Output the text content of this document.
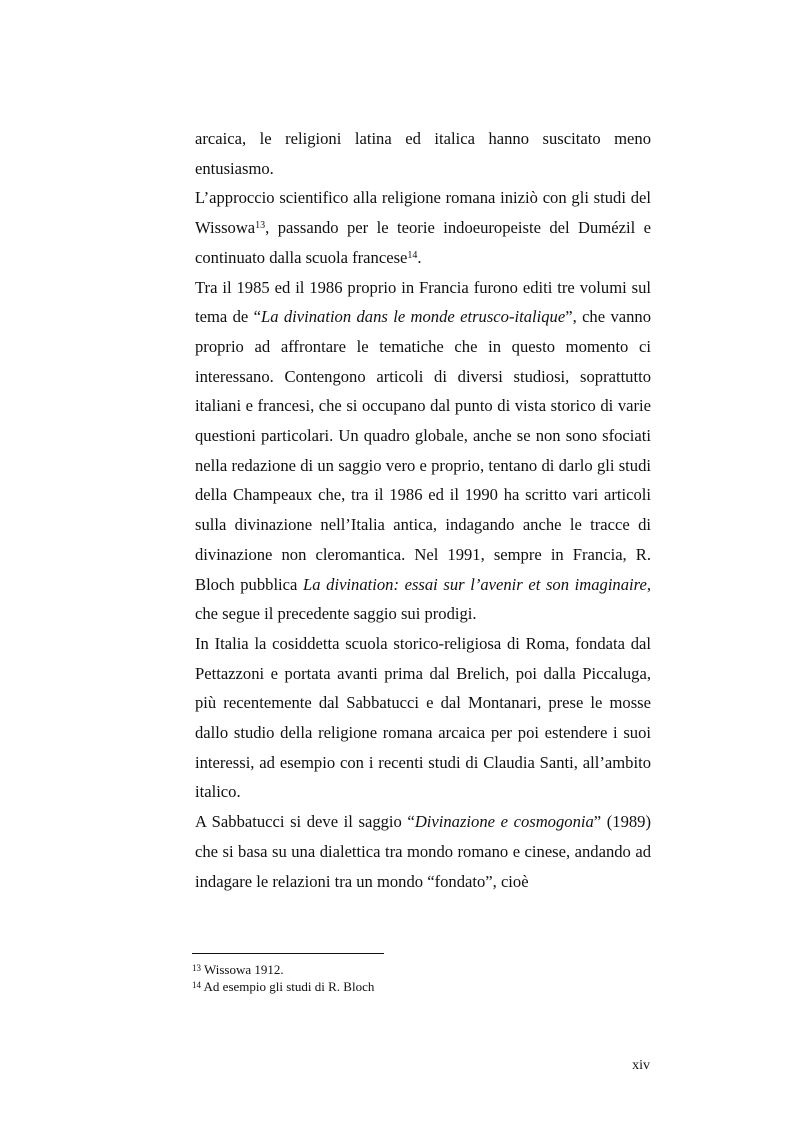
arcaica, le religioni latina ed italica hanno suscitato meno entusiasmo.

L’approccio scientifico alla religione romana iniziò con gli studi del Wissowa$^{13}$, passando per le teorie indoeuropeiste del Dumézil e continuato dalla scuola francese$^{14}$.

Tra il 1985 ed il 1986 proprio in Francia furono editi tre volumi sul tema de “La divination dans le monde etrusco-italique”, che vanno proprio ad affrontare le tematiche che in questo momento ci interessano. Contengono articoli di diversi studiosi, soprattutto italiani e francesi, che si occupano dal punto di vista storico di varie questioni particolari. Un quadro globale, anche se non sono sfociati nella redazione di un saggio vero e proprio, tentano di darlo gli studi della Champeaux che, tra il 1986 ed il 1990 ha scritto vari articoli sulla divinazione nell’Italia antica, indagando anche le tracce di divinazione non cleromantica. Nel 1991, sempre in Francia, R. Bloch pubblica La divination: essai sur l’avenir et son imaginaire, che segue il precedente saggio sui prodigi.

In Italia la cosiddetta scuola storico-religiosa di Roma, fondata dal Pettazzoni e portata avanti prima dal Brelich, poi dalla Piccaluga, più recentemente dal Sabbatucci e dal Montanari, prese le mosse dallo studio della religione romana arcaica per poi estendere i suoi interessi, ad esempio con i recenti studi di Claudia Santi, all’ambito italico.

A Sabbatucci si deve il saggio “Divinazione e cosmogonia” (1989) che si basa su una dialettica tra mondo romano e cinese, andando ad indagare le relazioni tra un mondo “fondato”, cioè

$^{13}$ Wissowa 1912.

$^{14}$ Ad esempio gli studi di R. Bloch

xiv
